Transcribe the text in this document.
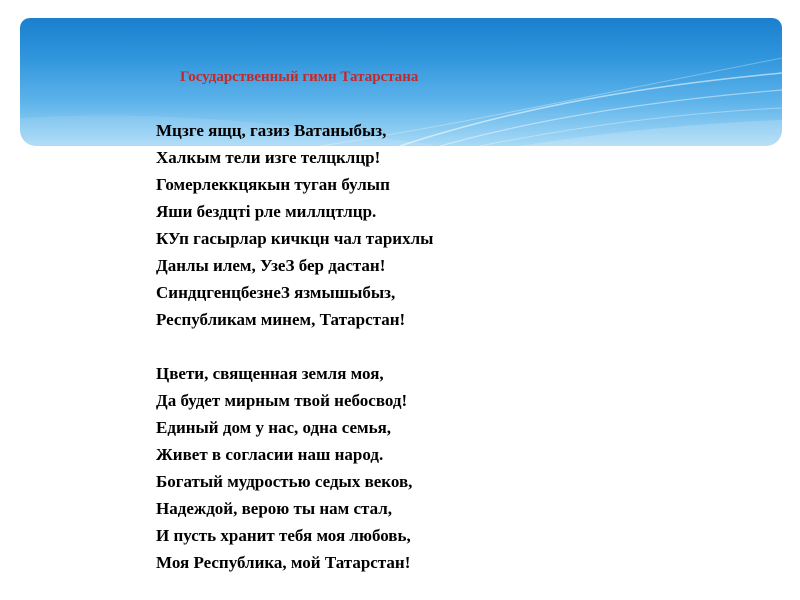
Государственный гимн Татарстана
Мцзге ящц, газиз Ватаныбыз,
Халкым тели изге телцклцр!
Гомерлеккцякын туган булып
Яши бездцті рле миллцтлцр.
КУп гасырлар кичкцн чал тарихлы
Данлы илем, УзеЗ бер дастан!
СиндцгенцбезнеЗ язмышыбыз,
Республикам минем, Татарстан!
Цвети, священная земля моя,
Да будет мирным твой небосвод!
Единый дом у нас, одна семья,
Живет в согласии наш народ.
Богатый мудростью седых веков,
Надеждой, верою ты нам стал,
И пусть хранит тебя моя любовь,
Моя Республика, мой Татарстан!
